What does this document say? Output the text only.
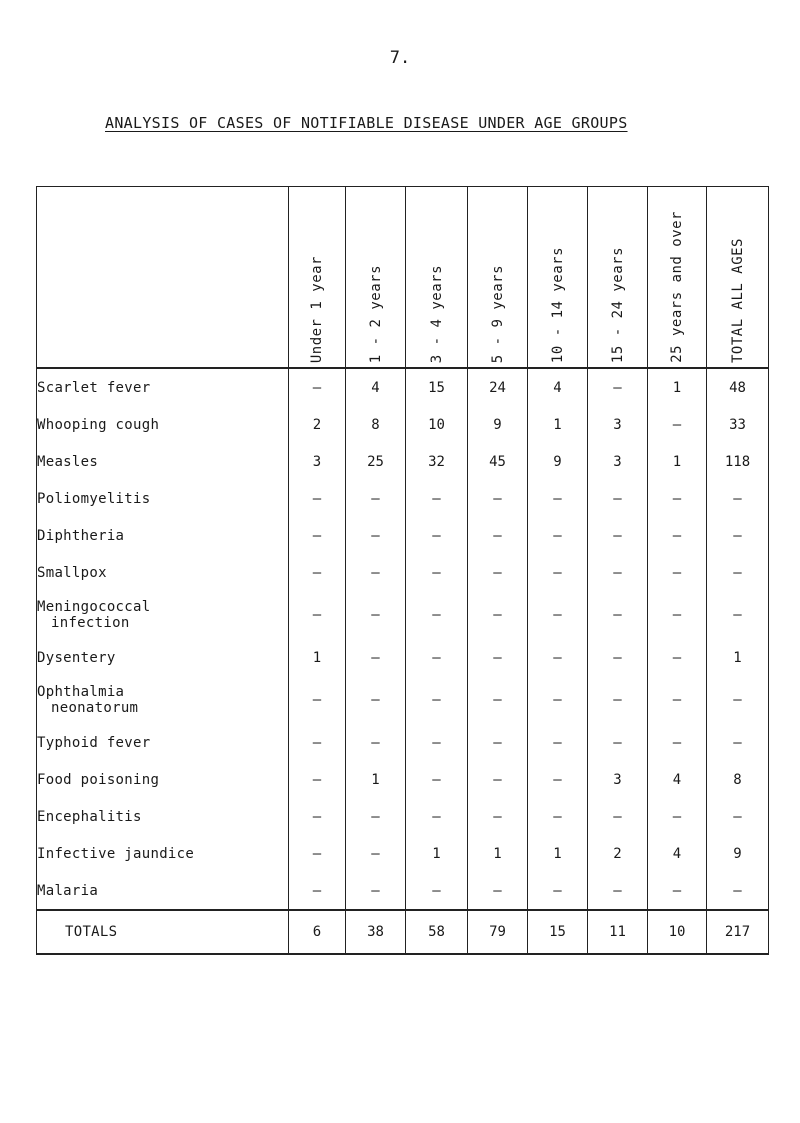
7.
ANALYSIS OF CASES OF NOTIFIABLE DISEASE UNDER AGE GROUPS
	Under 1 year	1 - 2 years	3 - 4 years	5 - 9 years	10 - 14 years	15 - 24 years	25 years and over	TOTAL ALL AGES
Scarlet fever	–	4	15	24	4	–	1	48
Whooping cough	2	8	10	9	1	3	–	33
Measles	3	25	32	45	9	3	1	118
Poliomyelitis	–	–	–	–	–	–	–	–
Diphtheria	–	–	–	–	–	–	–	–
Smallpox	–	–	–	–	–	–	–	–

Meningococcal
infection	–	–	–	–	–	–	–	–
Dysentery	1	–	–	–	–	–	–	1

Ophthalmia
neonatorum	–	–	–	–	–	–	–	–
Typhoid fever	–	–	–	–	–	–	–	–
Food poisoning	–	1	–	–	–	3	4	8
Encephalitis	–	–	–	–	–	–	–	–
Infective jaundice	–	–	1	1	1	2	4	9
Malaria	–	–	–	–	–	–	–	–
TOTALS	6	38	58	79	15	11	10	217
